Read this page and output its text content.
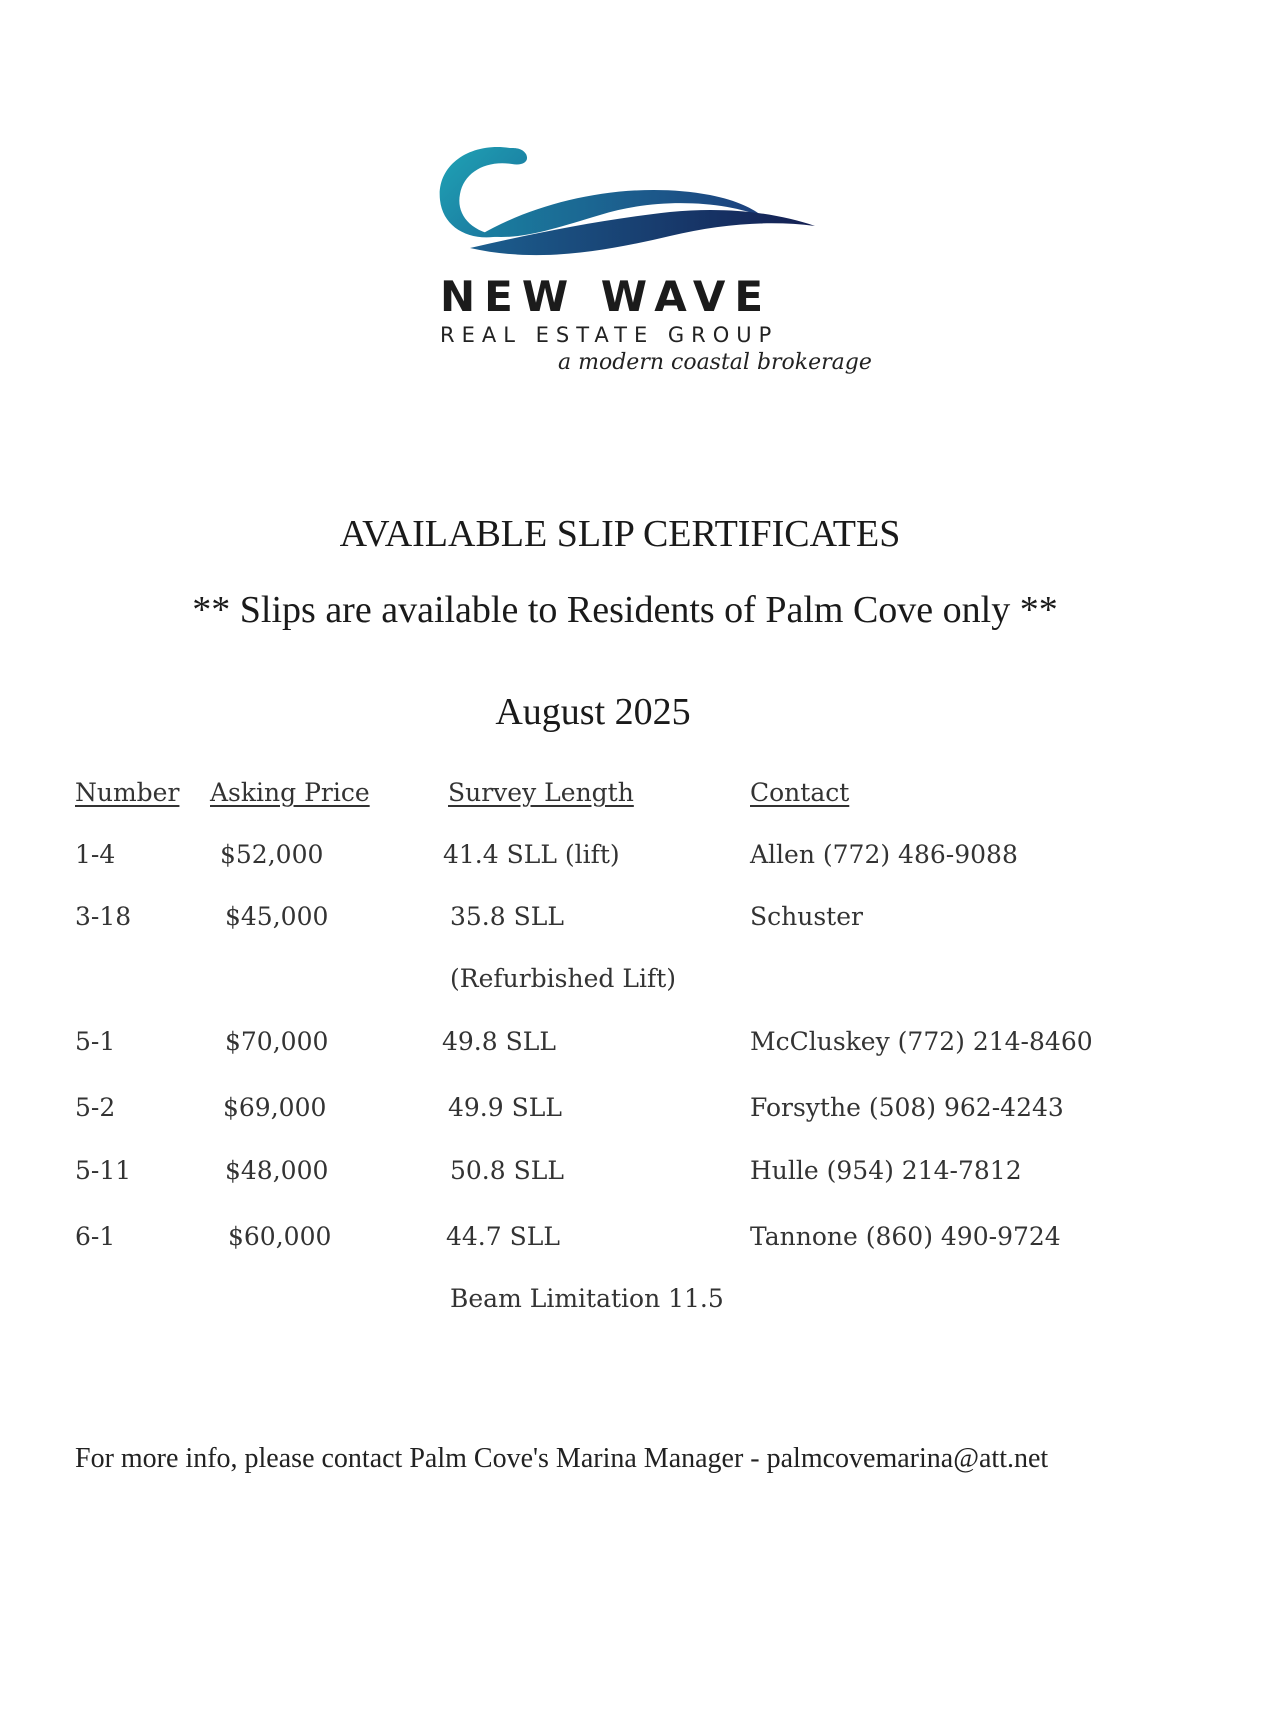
NEW WAVE
REAL ESTATE GROUP
a modern coastal brokerage
AVAILABLE SLIP CERTIFICATES
** Slips are available to Residents of Palm Cove only **
August 2025
Number Asking Price	Survey Length	Contact
1-4	$52,000	41.4 SLL (lift)	Allen (772) 486-9088
3-18	$45,000	35.8 SLL	Schuster
(Refurbished Lift)
5-1	$70,000	49.8 SLL	McCluskey (772) 214-8460
5-2	$69,000	49.9 SLL	Forsythe (508) 962-4243
5-11	$48,000	50.8 SLL	Hulle (954) 214-7812
6-1	$60,000	44.7 SLL	Tannone (860) 490-9724
Beam Limitation 11.5
For more info, please contact Palm Cove's Marina Manager - palmcovemarina@att.net
